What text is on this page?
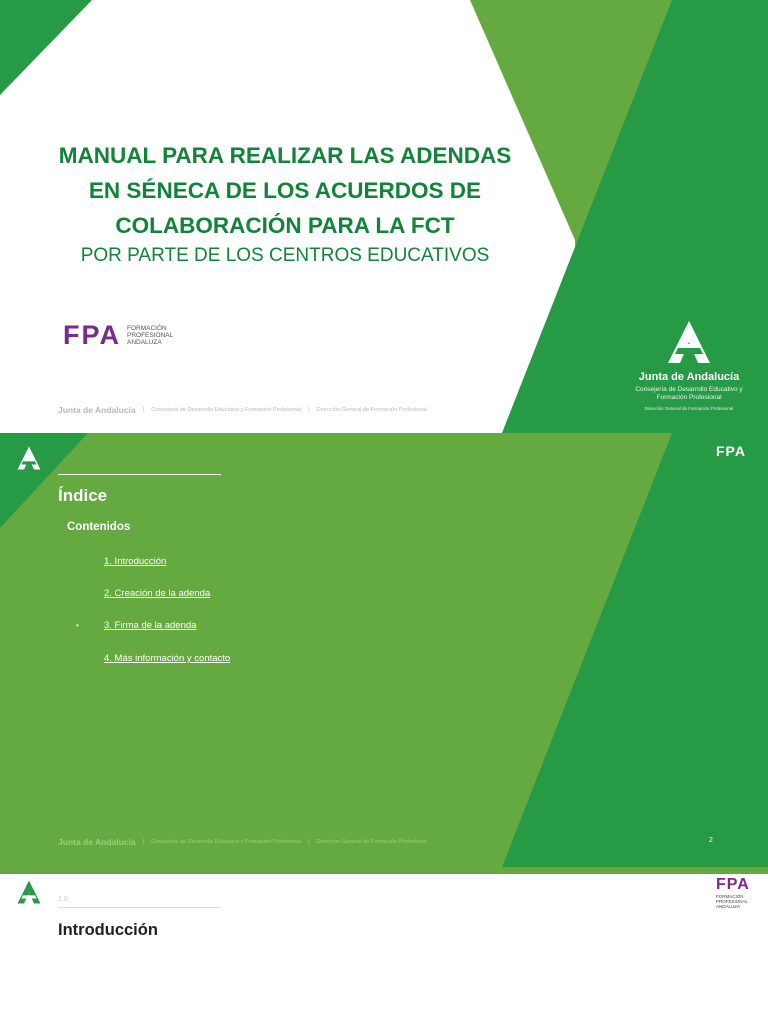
MANUAL PARA REALIZAR LAS ADENDAS
EN SÉNECA DE LOS ACUERDOS DE
COLABORACIÓN PARA LA FCT

POR PARTE DE LOS CENTROS EDUCATIVOS

FPA FORMACIÓN
PROFESIONAL
ANDALUZA
Junta de Andalucía
Consejería de Desarrollo Educativo y
Formación Profesional
Dirección General de Formación Profesional
Junta de Andalucía | Consejería de Desarrollo Educativo y Formación Profesional | Dirección General de Formación Profesional
FPA
Índice
Contenidos
1. Introducción
2. Creación de la adenda
•	3. Firma de la adenda
4. Más información y contacto
Junta de Andalucía | Consejería de Desarrollo Educativo y Formación Profesional | Dirección General de Formación Profesional	2
FPA
FORMACIÓN
PROFESIONAL
ANDALUZA
1.0
Introducción
